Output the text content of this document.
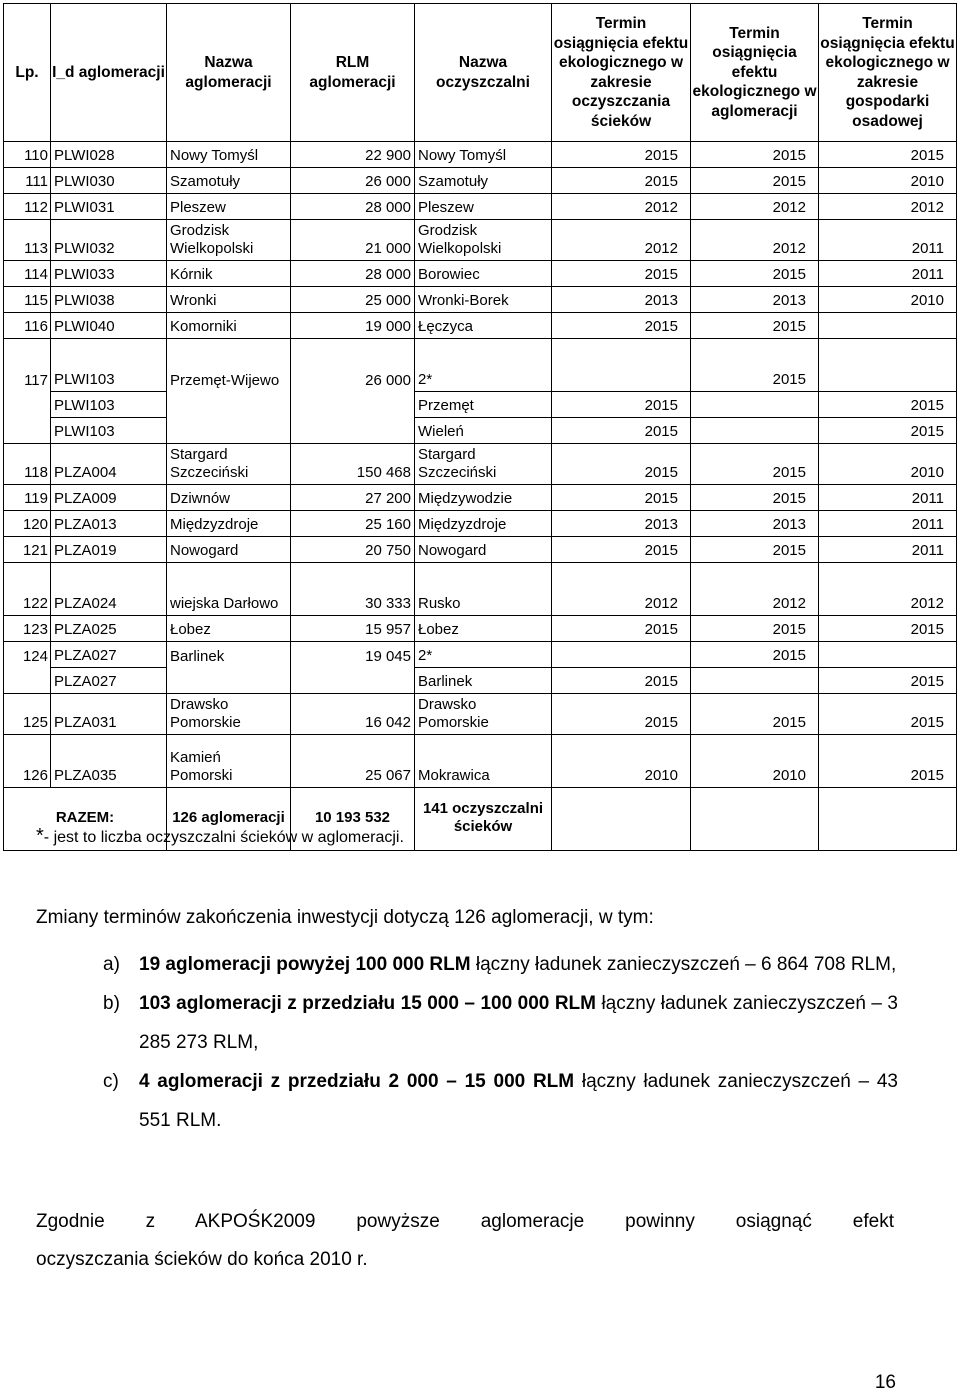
Lp.	I_d aglomeracji	Nazwa aglomeracji	RLM aglomeracji	Nazwa oczyszczalni	Termin osiągnięcia efektu ekologicznego w zakresie oczyszczania ścieków	Termin osiągnięcia efektu ekologicznego w aglomeracji	Termin osiągnięcia efektu ekologicznego w zakresie gospodarki osadowej
110	PLWI028	Nowy Tomyśl	22 900	Nowy Tomyśl	2015	2015	2015
111	PLWI030	Szamotuły	26 000	Szamotuły	2015	2015	2010
112	PLWI031	Pleszew	28 000	Pleszew	2012	2012	2012
113	PLWI032	Grodzisk Wielkopolski	21 000	Grodzisk Wielkopolski	2012	2012	2011
114	PLWI033	Kórnik	28 000	Borowiec	2015	2015	2011
115	PLWI038	Wronki	25 000	Wronki-Borek	2013	2013	2010
116	PLWI040	Komorniki	19 000	Łęczyca	2015	2015	
117	PLWI103	Przemęt-Wijewo	26 000	2*		2015	
	PLWI103			Przemęt	2015		2015
	PLWI103			Wieleń	2015		2015
118	PLZA004	Stargard Szczeciński	150 468	Stargard Szczeciński	2015	2015	2010
119	PLZA009	Dziwnów	27 200	Międzywodzie	2015	2015	2011
120	PLZA013	Międzyzdroje	25 160	Międzyzdroje	2013	2013	2011
121	PLZA019	Nowogard	20 750	Nowogard	2015	2015	2011
122	PLZA024	wiejska Darłowo	30 333	Rusko	2012	2012	2012
123	PLZA025	Łobez	15 957	Łobez	2015	2015	2015
124	PLZA027	Barlinek	19 045	2*		2015	
	PLZA027			Barlinek	2015		2015
125	PLZA031	Drawsko Pomorskie	16 042	Drawsko Pomorskie	2015	2015	2015
126	PLZA035	Kamień Pomorski	25 067	Mokrawica	2010	2010	2015
RAZEM:		126 aglomeracji	10 193 532	141 oczyszczalni ścieków			
*- jest to liczba oczyszczalni ścieków w aglomeracji.
Zmiany terminów zakończenia inwestycji dotyczą 126 aglomeracji, w tym:
a) 19 aglomeracji powyżej 100 000 RLM łączny ładunek zanieczyszczeń – 6 864 708 RLM,
b) 103 aglomeracji z przedziału 15 000 – 100 000 RLM łączny ładunek zanieczyszczeń – 3 285 273 RLM,
c) 4 aglomeracji z przedziału 2 000 – 15 000 RLM łączny ładunek zanieczyszczeń – 43 551 RLM.
Zgodnie z AKPOŚK2009 powyższe aglomeracje powinny osiągnąć efekt
oczyszczania ścieków do końca 2010 r.
16
